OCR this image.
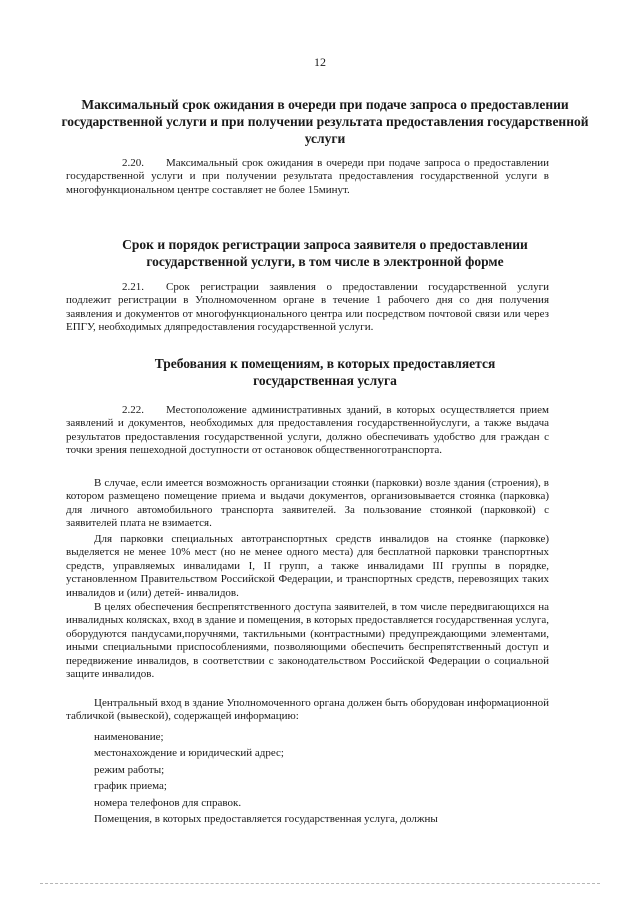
12
Максимальный срок ожидания в очереди при подаче запроса о предоставлении государственной услуги и при получении результата предоставления государственной услуги
2.20. Максимальный срок ожидания в очереди при подаче запроса о предоставлении государственной услуги и при получении результата предоставления государственной услуги в многофункциональном центре составляет не более 15минут.
Срок и порядок регистрации запроса заявителя о предоставлении государственной услуги, в том числе в электронной форме
2.21. Срок регистрации заявления о предоставлении государственной услуги подлежит регистрации в Уполномоченном органе в течение 1 рабочего дня со дня получения заявления и документов от многофункционального центра или посредством почтовой связи или через ЕПГУ, необходимых дляпредоставления государственной услуги.
Требования к помещениям, в которых предоставляется государственная услуга
2.22. Местоположение административных зданий, в которых осуществляется прием заявлений и документов, необходимых для предоставления государственнойуслуги, а также выдача результатов предоставления государственной услуги, должно обеспечивать удобство для граждан с точки зрения пешеходной доступности от остановок общественноготранспорта.
В случае, если имеется возможность организации стоянки (парковки) возле здания (строения), в котором размещено помещение приема и выдачи документов, организовывается стоянка (парковка) для личного автомобильного транспорта заявителей. За пользование стоянкой (парковкой) с заявителей плата не взимается.
Для парковки специальных автотранспортных средств инвалидов на стоянке (парковке) выделяется не менее 10% мест (но не менее одного места) для бесплатной парковки транспортных средств, управляемых инвалидами I, II групп, а также инвалидами III группы в порядке, установленном Правительством Российской Федерации, и транспортных средств, перевозящих таких инвалидов и (или) детей- инвалидов.
В целях обеспечения беспрепятственного доступа заявителей, в том числе передвигающихся на инвалидных колясках, вход в здание и помещения, в которых предоставляется государственная услуга, оборудуются пандусами,поручнями, тактильными (контрастными) предупреждающими элементами, иными специальными приспособлениями, позволяющими обеспечить беспрепятственный доступ и передвижение инвалидов, в соответствии с законодательством Российской Федерации о социальной защите инвалидов.
Центральный вход в здание Уполномоченного органа должен быть оборудован информационной табличкой (вывеской), содержащей информацию:
наименование;
местонахождение и юридический адрес;
режим работы;
график приема;
номера телефонов для справок.
Помещения, в которых предоставляется государственная услуга, должны
